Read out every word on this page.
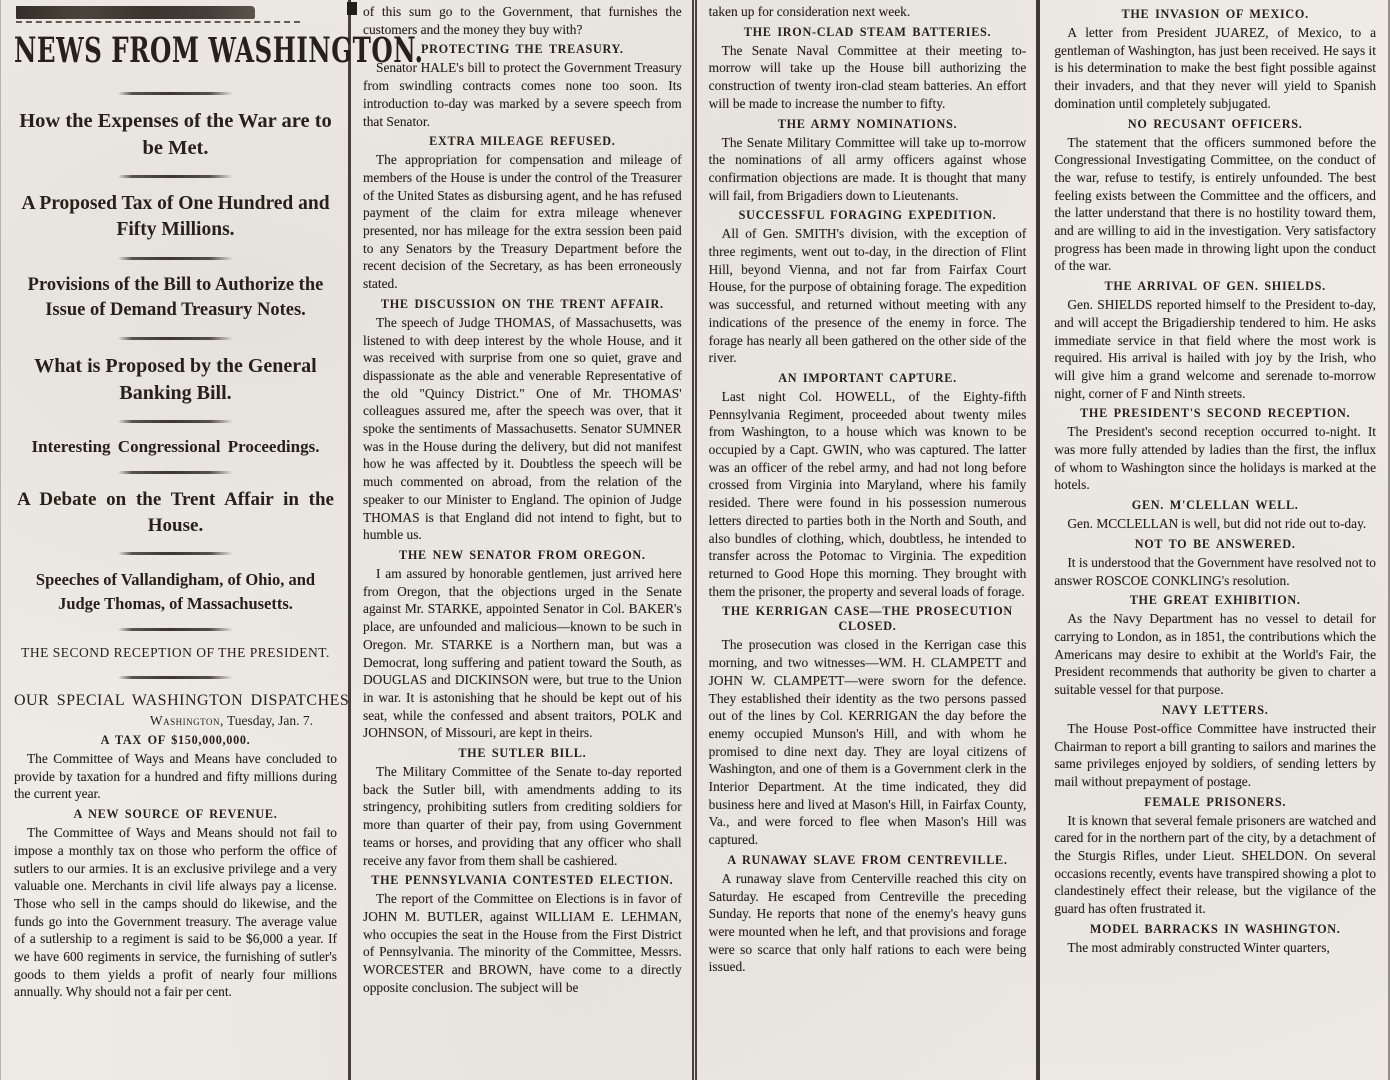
NEWS FROM WASHINGTON.
How the Expenses of the War are to be Met.
A Proposed Tax of One Hundred and Fifty Millions.
Provisions of the Bill to Authorize the Issue of Demand Treasury Notes.
What is Proposed by the General Banking Bill.
Interesting Congressional Proceedings.
A Debate on the Trent Affair in the House.
Speeches of Vallandigham, of Ohio, and Judge Thomas, of Massachusetts.
THE SECOND RECEPTION OF THE PRESIDENT.
OUR SPECIAL WASHINGTON DISPATCHES
Washington, Tuesday, Jan. 7.
A TAX OF $150,000,000.

The Committee of Ways and Means have concluded to provide by taxation for a hundred and fifty millions during the current year.

A NEW SOURCE OF REVENUE.

The Committee of Ways and Means should not fail to impose a monthly tax on those who perform the office of sutlers to our armies. It is an exclusive privilege and a very valuable one. Merchants in civil life always pay a license. Those who sell in the camps should do likewise, and the funds go into the Government treasury. The average value of a sutlership to a regiment is said to be $6,000 a year. If we have 600 regiments in service, the furnishing of sutler's goods to them yields a profit of nearly four millions annually. Why should not a fair per cent.

of this sum go to the Government, that furnishes the customers and the money they buy with?

PROTECTING THE TREASURY.

Senator HALE's bill to protect the Government Treasury from swindling contracts comes none too soon. Its introduction to-day was marked by a severe speech from that Senator.

EXTRA MILEAGE REFUSED.

The appropriation for compensation and mileage of members of the House is under the control of the Treasurer of the United States as disbursing agent, and he has refused payment of the claim for extra mileage whenever presented, nor has mileage for the extra session been paid to any Senators by the Treasury Department before the recent decision of the Secretary, as has been erroneously stated.

THE DISCUSSION ON THE TRENT AFFAIR.

The speech of Judge THOMAS, of Massachusetts, was listened to with deep interest by the whole House, and it was received with surprise from one so quiet, grave and dispassionate as the able and venerable Representative of the old "Quincy District." One of Mr. THOMAS' colleagues assured me, after the speech was over, that it spoke the sentiments of Massachusetts. Senator SUMNER was in the House during the delivery, but did not manifest how he was affected by it. Doubtless the speech will be much commented on abroad, from the relation of the speaker to our Minister to England. The opinion of Judge THOMAS is that England did not intend to fight, but to humble us.

THE NEW SENATOR FROM OREGON.

I am assured by honorable gentlemen, just arrived here from Oregon, that the objections urged in the Senate against Mr. STARKE, appointed Senator in Col. BAKER's place, are unfounded and malicious—known to be such in Oregon. Mr. STARKE is a Northern man, but was a Democrat, long suffering and patient toward the South, as DOUGLAS and DICKINSON were, but true to the Union in war. It is astonishing that he should be kept out of his seat, while the confessed and absent traitors, POLK and JOHNSON, of Missouri, are kept in theirs.

THE SUTLER BILL.

The Military Committee of the Senate to-day reported back the Sutler bill, with amendments adding to its stringency, prohibiting sutlers from crediting soldiers for more than quarter of their pay, from using Government teams or horses, and providing that any officer who shall receive any favor from them shall be cashiered.

THE PENNSYLVANIA CONTESTED ELECTION.

The report of the Committee on Elections is in favor of JOHN M. BUTLER, against WILLIAM E. LEHMAN, who occupies the seat in the House from the First District of Pennsylvania. The minority of the Committee, Messrs. WORCESTER and BROWN, have come to a directly opposite conclusion. The subject will be

taken up for consideration next week.

THE IRON-CLAD STEAM BATTERIES.

The Senate Naval Committee at their meeting to-morrow will take up the House bill authorizing the construction of twenty iron-clad steam batteries. An effort will be made to increase the number to fifty.

THE ARMY NOMINATIONS.

The Senate Military Committee will take up to-morrow the nominations of all army officers against whose confirmation objections are made. It is thought that many will fail, from Brigadiers down to Lieutenants.

SUCCESSFUL FORAGING EXPEDITION.

All of Gen. SMITH's division, with the exception of three regiments, went out to-day, in the direction of Flint Hill, beyond Vienna, and not far from Fairfax Court House, for the purpose of obtaining forage. The expedition was successful, and returned without meeting with any indications of the presence of the enemy in force. The forage has nearly all been gathered on the other side of the river.

AN IMPORTANT CAPTURE.

Last night Col. HOWELL, of the Eighty-fifth Pennsylvania Regiment, proceeded about twenty miles from Washington, to a house which was known to be occupied by a Capt. GWIN, who was captured. The latter was an officer of the rebel army, and had not long before crossed from Virginia into Maryland, where his family resided. There were found in his possession numerous letters directed to parties both in the North and South, and also bundles of clothing, which, doubtless, he intended to transfer across the Potomac to Virginia. The expedition returned to Good Hope this morning. They brought with them the prisoner, the property and several loads of forage.

THE KERRIGAN CASE—THE PROSECUTION CLOSED.

The prosecution was closed in the Kerrigan case this morning, and two witnesses—WM. H. CLAMPETT and JOHN W. CLAMPETT—were sworn for the defence. They established their identity as the two persons passed out of the lines by Col. KERRIGAN the day before the enemy occupied Munson's Hill, and with whom he promised to dine next day. They are loyal citizens of Washington, and one of them is a Government clerk in the Interior Department. At the time indicated, they did business here and lived at Mason's Hill, in Fairfax County, Va., and were forced to flee when Mason's Hill was captured.

A RUNAWAY SLAVE FROM CENTREVILLE.

A runaway slave from Centerville reached this city on Saturday. He escaped from Centreville the preceding Sunday. He reports that none of the enemy's heavy guns were mounted when he left, and that provisions and forage were so scarce that only half rations to each were being issued.

THE INVASION OF MEXICO.

A letter from President JUAREZ, of Mexico, to a gentleman of Washington, has just been received. He says it is his determination to make the best fight possible against their invaders, and that they never will yield to Spanish domination until completely subjugated.

NO RECUSANT OFFICERS.

The statement that the officers summoned before the Congressional Investigating Committee, on the conduct of the war, refuse to testify, is entirely unfounded. The best feeling exists between the Committee and the officers, and the latter understand that there is no hostility toward them, and are willing to aid in the investigation. Very satisfactory progress has been made in throwing light upon the conduct of the war.

THE ARRIVAL OF GEN. SHIELDS.

Gen. SHIELDS reported himself to the President to-day, and will accept the Brigadiership tendered to him. He asks immediate service in that field where the most work is required. His arrival is hailed with joy by the Irish, who will give him a grand welcome and serenade to-morrow night, corner of F and Ninth streets.

THE PRESIDENT'S SECOND RECEPTION.

The President's second reception occurred to-night. It was more fully attended by ladies than the first, the influx of whom to Washington since the holidays is marked at the hotels.

GEN. M'CLELLAN WELL.

Gen. MCCLELLAN is well, but did not ride out to-day.

NOT TO BE ANSWERED.

It is understood that the Government have resolved not to answer ROSCOE CONKLING's resolution.

THE GREAT EXHIBITION.

As the Navy Department has no vessel to detail for carrying to London, as in 1851, the contributions which the Americans may desire to exhibit at the World's Fair, the President recommends that authority be given to charter a suitable vessel for that purpose.

NAVY LETTERS.

The House Post-office Committee have instructed their Chairman to report a bill granting to sailors and marines the same privileges enjoyed by soldiers, of sending letters by mail without prepayment of postage.

FEMALE PRISONERS.

It is known that several female prisoners are watched and cared for in the northern part of the city, by a detachment of the Sturgis Rifles, under Lieut. SHELDON. On several occasions recently, events have transpired showing a plot to clandestinely effect their release, but the vigilance of the guard has often frustrated it.

MODEL BARRACKS IN WASHINGTON.

The most admirably constructed Winter quarters,
